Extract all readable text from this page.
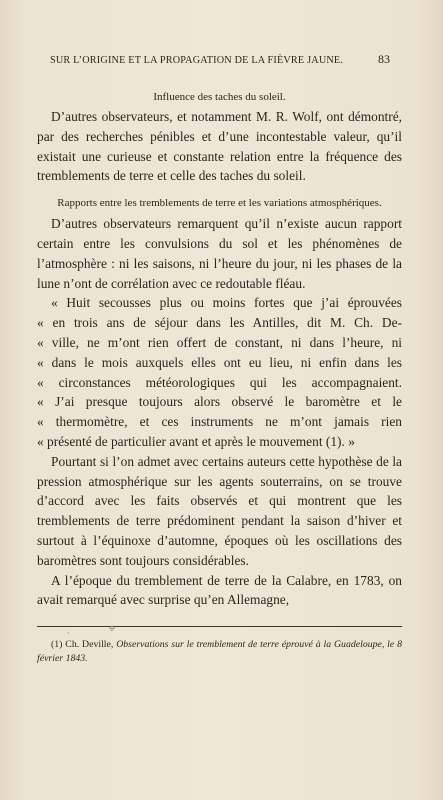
SUR L’ORIGINE ET LA PROPAGATION DE LA FIÈVRE JAUNE.	83
Influence des taches du soleil.

D’autres observateurs, et notamment M. R. Wolf, ont démontré, par des recherches pénibles et d’une incontestable valeur, qu’il existait une curieuse et constante relation entre la fréquence des tremblements de terre et celle des taches du soleil.

Rapports entre les tremblements de terre et les variations atmosphériques.

D’autres observateurs remarquent qu’il n’existe aucun rapport certain entre les convulsions du sol et les phénomènes de l’atmosphère : ni les saisons, ni l’heure du jour, ni les phases de la lune n’ont de corrélation avec ce redoutable fléau.

« Huit secousses plus ou moins fortes que j’ai éprouvées
« en trois ans de séjour dans les Antilles, dit M. Ch. De-
« ville, ne m’ont rien offert de constant, ni dans l’heure, ni
« dans le mois auxquels elles ont eu lieu, ni enfin dans les
« circonstances météorologiques qui les accompagnaient.
« J’ai presque toujours alors observé le baromètre et le
« thermomètre, et ces instruments ne m’ont jamais rien
« présenté de particulier avant et après le mouvement (1). »

Pourtant si l’on admet avec certains auteurs cette hypothèse de la pression atmosphérique sur les agents souterrains, on se trouve d’accord avec les faits observés et qui montrent que les tremblements de terre prédominent pendant la saison d’hiver et surtout à l’équinoxe d’automne, époques où les oscillations des baromètres sont toujours considérables.

A l’époque du tremblement de terre de la Calabre, en 1783, on avait remarqué avec surprise qu’en Allemagne,

◦	✣
(1) Ch. Deville, Observations sur le tremblement de terre éprouvé à la Guadeloupe, le 8 février 1843.
